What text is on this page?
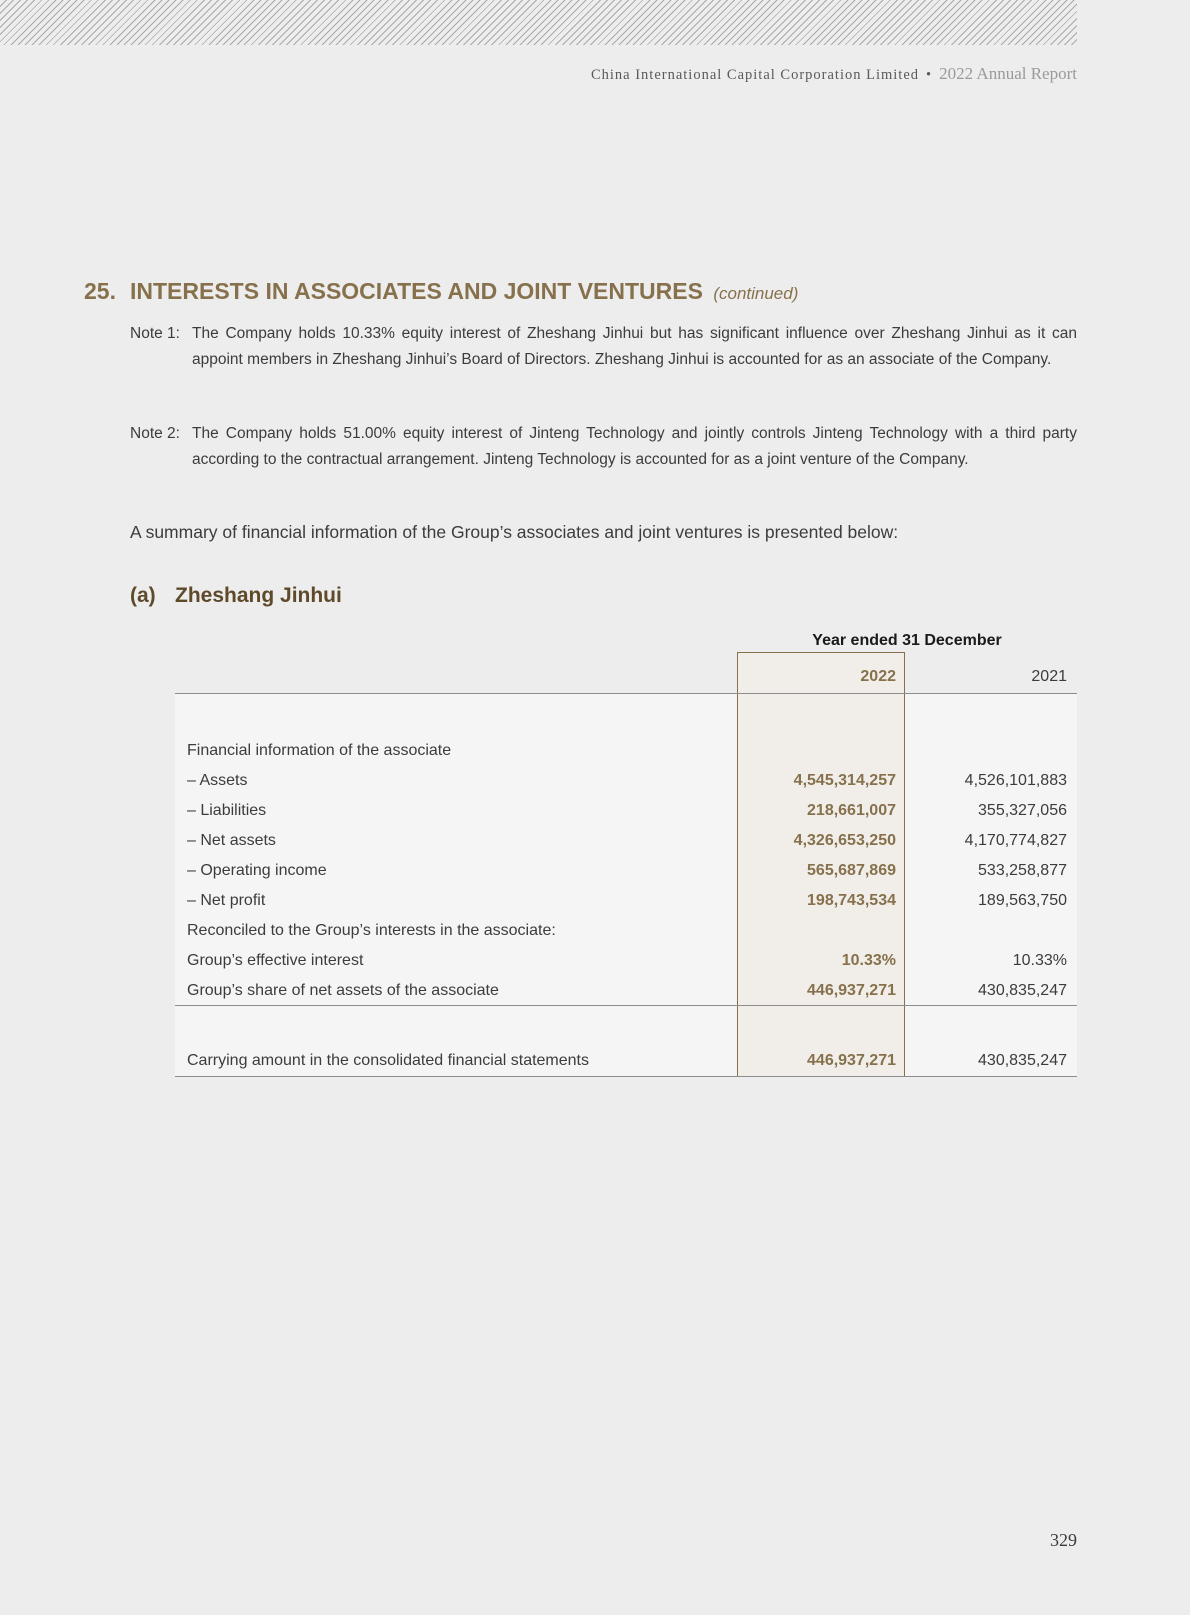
China International Capital Corporation Limited • 2022 Annual Report
25. INTERESTS IN ASSOCIATES AND JOINT VENTURES (continued)
Note 1: The Company holds 10.33% equity interest of Zheshang Jinhui but has significant influence over Zheshang Jinhui as it can appoint members in Zheshang Jinhui’s Board of Directors. Zheshang Jinhui is accounted for as an associate of the Company.
Note 2: The Company holds 51.00% equity interest of Jinteng Technology and jointly controls Jinteng Technology with a third party according to the contractual arrangement. Jinteng Technology is accounted for as a joint venture of the Company.
A summary of financial information of the Group’s associates and joint ventures is presented below:
(a) Zheshang Jinhui
Year ended 31 December
2022	2021
Financial information of the associate
– Assets	4,545,314,257	4,526,101,883
– Liabilities	218,661,007	355,327,056
– Net assets	4,326,653,250	4,170,774,827
– Operating income	565,687,869	533,258,877
– Net profit	198,743,534	189,563,750
Reconciled to the Group’s interests in the associate:
Group’s effective interest	10.33%	10.33%
Group’s share of net assets of the associate	446,937,271	430,835,247
Carrying amount in the consolidated financial statements	446,937,271	430,835,247
329
